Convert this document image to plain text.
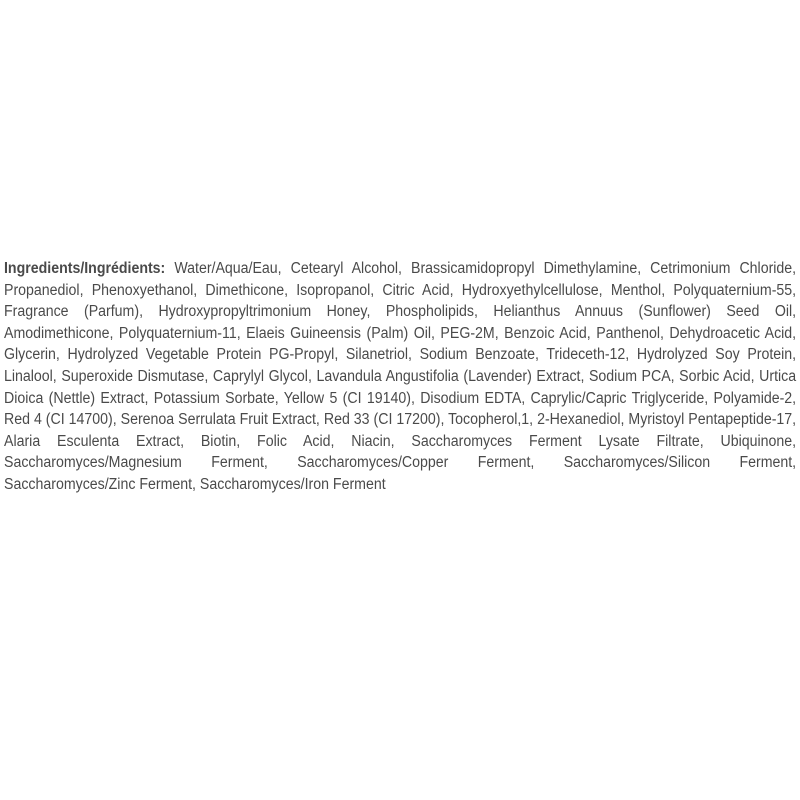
Ingredients/Ingrédients: Water/Aqua/Eau, Cetearyl Alcohol, Brassicamidopropyl Dimethylamine, Cetrimonium Chloride, Propanediol, Phenoxyethanol, Dimethicone, Isopropanol, Citric Acid, Hydroxyethylcellulose, Menthol, Polyquaternium-55, Fragrance (Parfum), Hydroxypropyltrimonium Honey, Phospholipids, Helianthus Annuus (Sunflower) Seed Oil, Amodimethicone, Polyquaternium-11, Elaeis Guineensis (Palm) Oil, PEG-2M, Benzoic Acid, Panthenol, Dehydroacetic Acid, Glycerin, Hydrolyzed Vegetable Protein PG-Propyl, Silanetriol, Sodium Benzoate, Trideceth-12, Hydrolyzed Soy Protein, Linalool, Superoxide Dismutase, Caprylyl Glycol, Lavandula Angustifolia (Lavender) Extract, Sodium PCA, Sorbic Acid, Urtica Dioica (Nettle) Extract, Potassium Sorbate, Yellow 5 (CI 19140), Disodium EDTA, Caprylic/Capric Triglyceride, Polyamide-2, Red 4 (CI 14700), Serenoa Serrulata Fruit Extract, Red 33 (CI 17200), Tocopherol,1, 2-Hexanediol, Myristoyl Pentapeptide-17, Alaria Esculenta Extract, Biotin, Folic Acid, Niacin, Saccharomyces Ferment Lysate Filtrate, Ubiquinone, Saccharomyces/Magnesium Ferment, Saccharomyces/Copper Ferment, Saccharomyces/Silicon Ferment, Saccharomyces/Zinc Ferment, Saccharomyces/Iron Ferment
